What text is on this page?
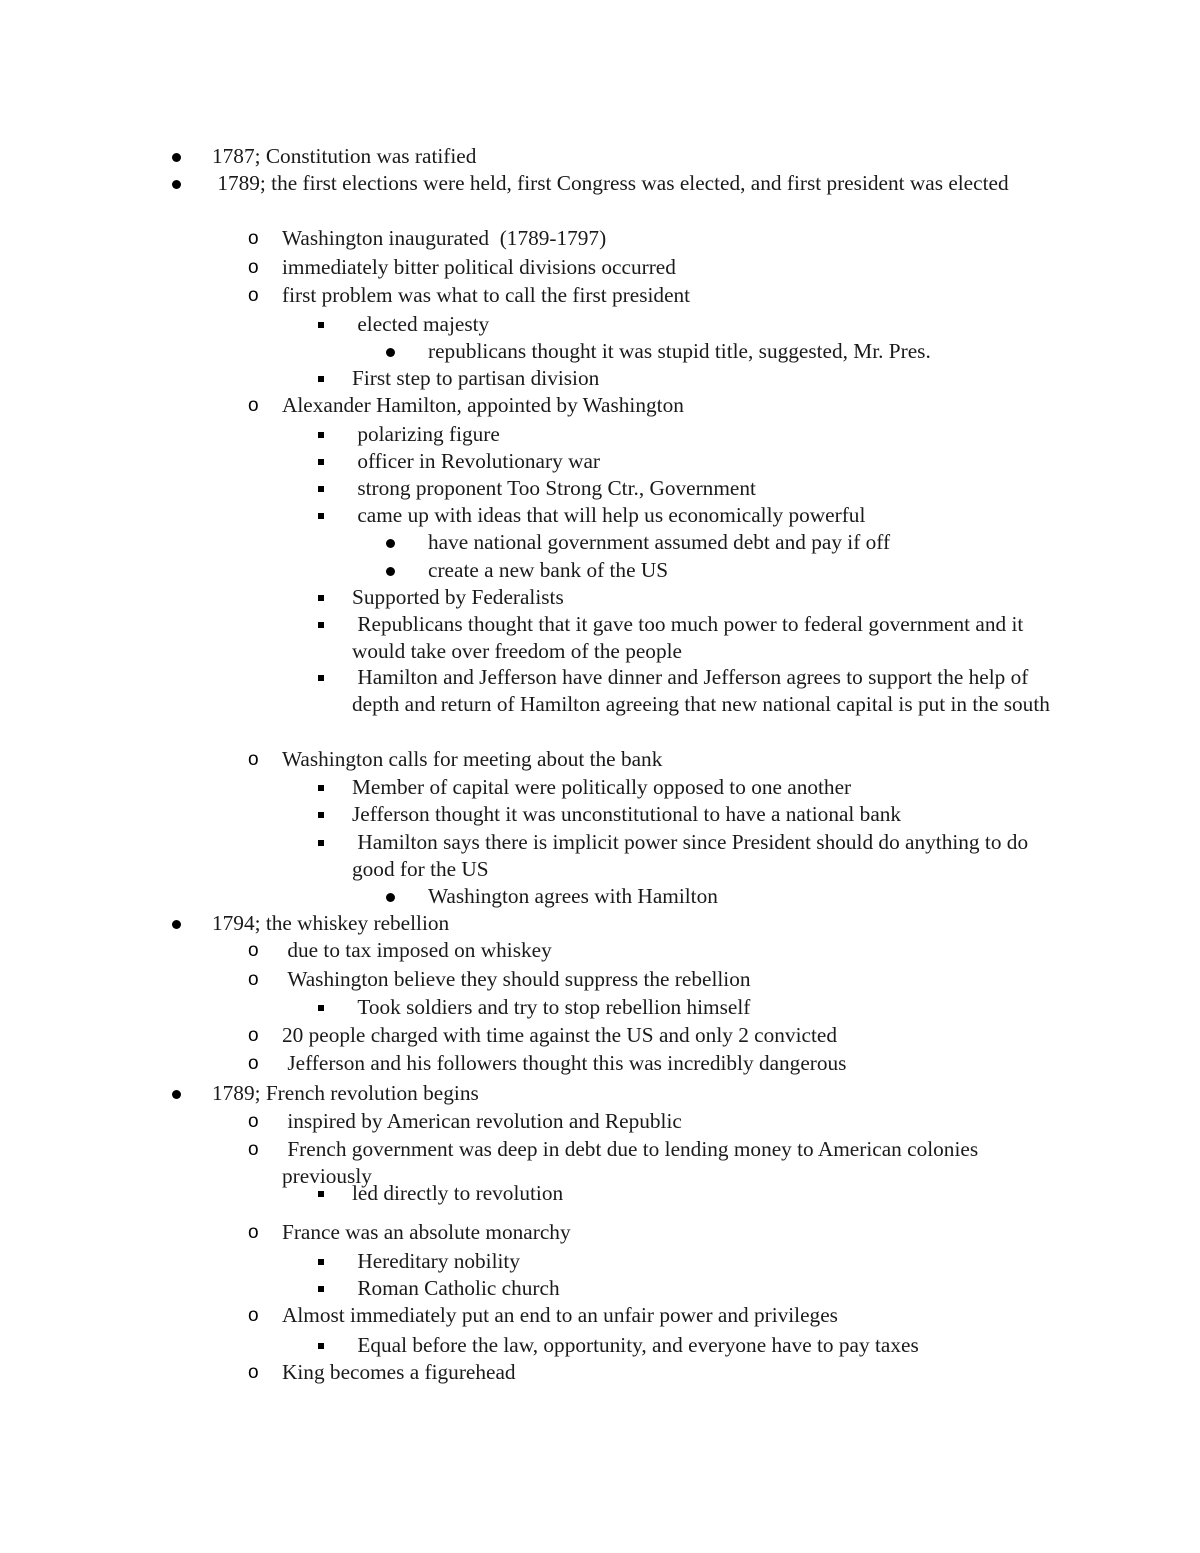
1787; Constitution was ratified
1789; the first elections were held, first Congress was elected, and first president was elected
o Washington inaugurated  (1789-1797)
o immediately bitter political divisions occurred
o first problem was what to call the first president
elected majesty
republicans thought it was stupid title, suggested, Mr. Pres.
First step to partisan division
o Alexander Hamilton, appointed by Washington
polarizing figure
officer in Revolutionary war
strong proponent Too Strong Ctr., Government
came up with ideas that will help us economically powerful
have national government assumed debt and pay if off
create a new bank of the US
Supported by Federalists
Republicans thought that it gave too much power to federal government and it would take over freedom of the people
Hamilton and Jefferson have dinner and Jefferson agrees to support the help of depth and return of Hamilton agreeing that new national capital is put in the south
o Washington calls for meeting about the bank
Member of capital were politically opposed to one another
Jefferson thought it was unconstitutional to have a national bank
Hamilton says there is implicit power since President should do anything to do good for the US
Washington agrees with Hamilton
1794; the whiskey rebellion
o due to tax imposed on whiskey
o Washington believe they should suppress the rebellion
Took soldiers and try to stop rebellion himself
o 20 people charged with time against the US and only 2 convicted
o Jefferson and his followers thought this was incredibly dangerous
1789; French revolution begins
o inspired by American revolution and Republic
o French government was deep in debt due to lending money to American colonies previously
led directly to revolution
o France was an absolute monarchy
Hereditary nobility
Roman Catholic church
o Almost immediately put an end to an unfair power and privileges
Equal before the law, opportunity, and everyone have to pay taxes
o King becomes a figurehead
